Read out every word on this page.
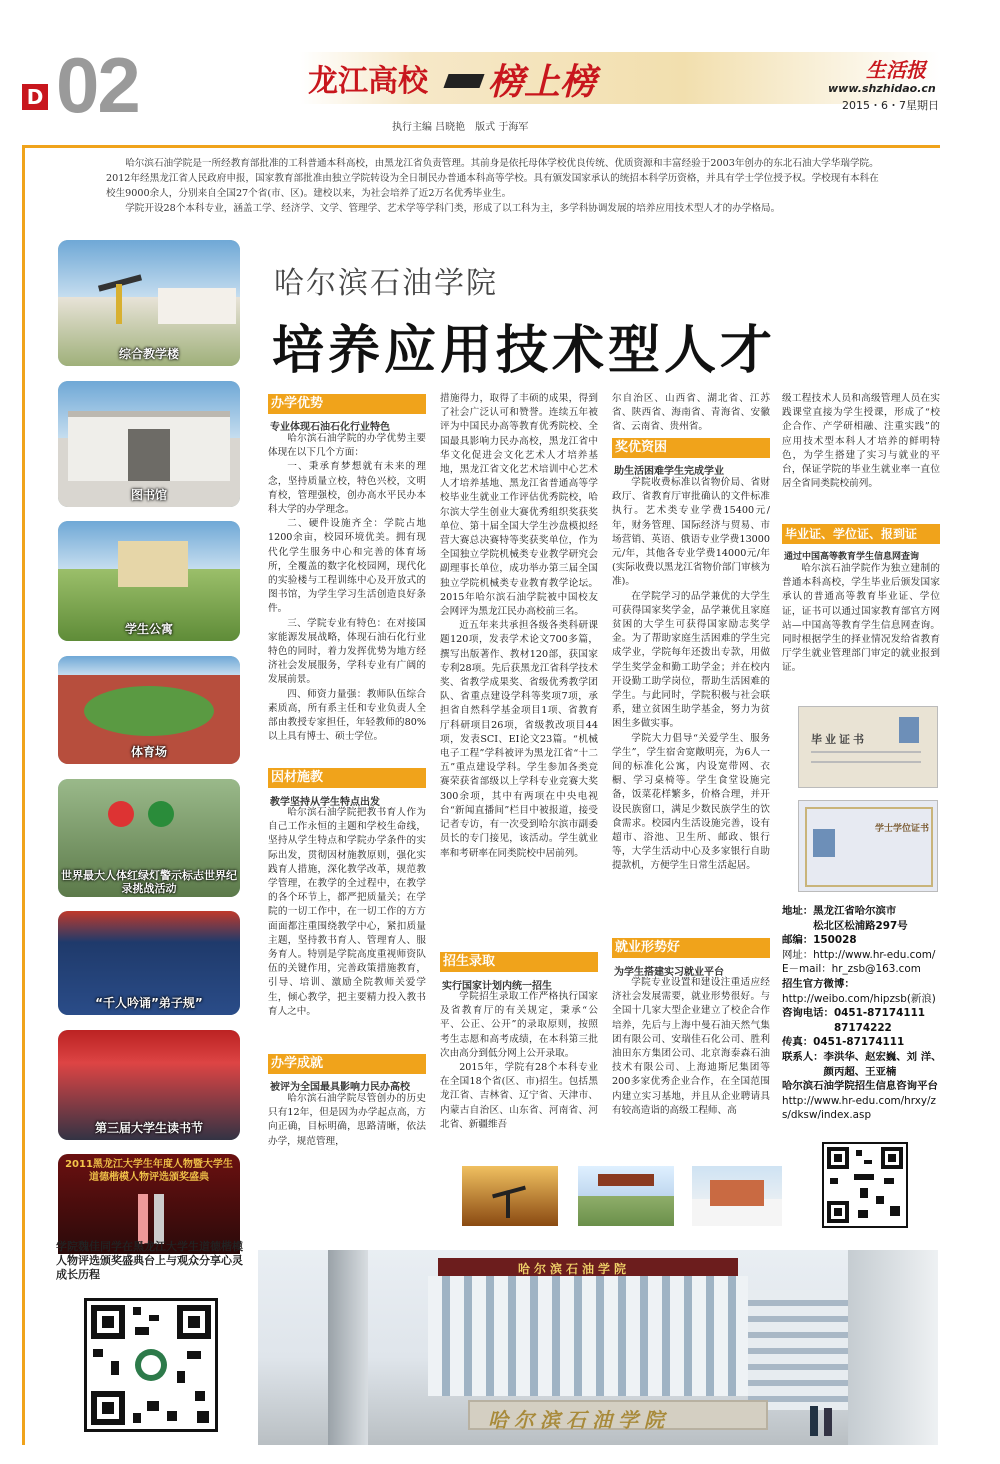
D 02	龙江高校 榜上榜	生活报
www.shzhidao.cn
2015・6・7星期日
执行主编 吕晓艳　版式 于海军

哈尔滨石油学院是一所经教育部批准的工科普通本科高校，由黑龙江省负责管理。其前身是依托母体学校优良传统、优质资源和丰富经验于2003年创办的东北石油大学华瑞学院。2012年经黑龙江省人民政府申报，国家教育部批准由独立学院转设为全日制民办普通本科高等学校。具有颁发国家承认的统招本科学历资格，并具有学士学位授予权。学校现有本科在校生9000余人，分别来自全国27个省(市、区)。建校以来，为社会培养了近2万名优秀毕业生。

学院开设28个本科专业，涵盖工学、经济学、文学、管理学、艺术学等学科门类，形成了以工科为主，多学科协调发展的培养应用技术型人才的办学格局。

综合教学楼
图书馆
学生公寓
体育场
世界最大人体红绿灯警示标志世界纪录挑战活动
“千人吟诵”弟子规”
第三届大学生读书节
2011黑龙江大学生年度人物暨大学生道德楷模人物评选颁奖盛典
学院魏佳同学在黑龙江大学生道德楷模人物评选颁奖盛典台上与观众分享心灵成长历程
哈尔滨石油学院
培养应用技术型人才
办学优势
专业体现石油石化行业特色

哈尔滨石油学院的办学优势主要体现在以下几个方面：

一、秉承育梦想就有未来的理念，坚持质量立校，特色兴校，文明育校，管理强校，创办高水平民办本科大学的办学理念。

二、硬件设施齐全：学院占地1200余亩，校园环境优美。拥有现代化学生服务中心和完善的体育场所，全覆盖的数字化校园网，现代化的实验楼与工程训练中心及开放式的图书馆，为学生学习生活创造良好条件。

三、学院专业有特色：在对接国家能源发展战略，体现石油石化行业特色的同时，着力发挥优势为地方经济社会发展服务，学科专业有广阔的发展前景。

四、师资力量强：教师队伍综合素质高，所有系主任和专业负责人全部由教授专家担任，年轻教师的80%以上具有博士、硕士学位。

因材施教
教学坚持从学生特点出发

哈尔滨石油学院把教书育人作为自己工作永恒的主题和学校生命线，坚持从学生特点和学院办学条件的实际出发，贯彻因材施教原则，强化实践育人措施，深化教学改革，规范教学管理，在教学的全过程中，在教学的各个环节上，都严把质量关；在学院的一切工作中，在一切工作的方方面面都注重围绕教学中心，紧扣质量主题，坚持教书育人、管理育人、服务育人。特别是学院高度重视师资队伍的关键作用，完善政策措施教育，引导、培训、激励全院教师关爱学生，倾心教学，把主要精力投入教书育人之中。

办学成就
被评为全国最具影响力民办高校

哈尔滨石油学院尽管创办的历史只有12年，但是因为办学起点高，方向正确，目标明确，思路清晰，依法办学，规范管理，

措施得力，取得了丰硕的成果，得到了社会广泛认可和赞誉。连续五年被评为中国民办高等教育优秀院校、全国最具影响力民办高校，黑龙江省中华文化促进会文化艺术人才培养基地，黑龙江省文化艺术培训中心艺术人才培养基地、黑龙江省普通高等学校毕业生就业工作评估优秀院校，哈尔滨大学生创业大赛优秀组织奖获奖单位、第十届全国大学生沙盘模拟经营大赛总决赛特等奖获奖单位，作为全国独立学院机械类专业教学研究会副理事长单位，成功举办第三届全国独立学院机械类专业教育教学论坛。2015年哈尔滨石油学院被中国校友会网评为黑龙江民办高校前三名。

近五年来共承担各级各类科研课题120项，发表学术论文700多篇，撰写出版著作、教材120部，获国家专利28项。先后获黑龙江省科学技术奖、省教学成果奖、省级优秀教学团队、省重点建设学科等奖项7项，承担省自然科学基金项目1项、省教育厅科研项目26项，省级教改项目44项，发表SCI、EI论文23篇。“机械电子工程”学科被评为黑龙江省“十二五”重点建设学科。学生参加各类竞赛荣获省部级以上学科专业竞赛大奖300余项，其中有两项在中央电视台“新闻直播间”栏目中被报道，接受记者专访，有一次受到哈尔滨市副委员长的专门接见，该活动。学生就业率和考研率在同类院校中居前列。

招生录取
实行国家计划内统一招生

学院招生录取工作严格执行国家及省教育厅的有关规定，秉承“公平、公正、公开”的录取原则，按照考生志愿和高考成绩，在本科第三批次由高分到低分网上公开录取。

2015年，学院有28个本科专业在全国18个省(区、市)招生。包括黑龙江省、吉林省、辽宁省、天津市、内蒙古自治区、山东省、河南省、河北省、新疆维吾

尔自治区、山西省、湖北省、江苏省、陕西省、海南省、青海省、安徽省、云南省、贵州省。

奖优资困
助生活困难学生完成学业

学院收费标准以省物价局、省财政厅、省教育厅审批确认的文件标准执行。艺术类专业学费15400元/年，财务管理、国际经济与贸易、市场营销、英语、俄语专业学费13000元/年，其他各专业学费14000元/年(实际收费以黑龙江省物价部门审核为准)。

在学院学习的品学兼优的大学生可获得国家奖学金，品学兼优且家庭贫困的大学生可获得国家励志奖学金。为了帮助家庭生活困难的学生完成学业，学院每年还拨出专款，用做学生奖学金和勤工助学金；并在校内开设勤工助学岗位，帮助生活困难的学生。与此同时，学院积极与社会联系，建立贫困生助学基金，努力为贫困生多做实事。

学院大力倡导“关爱学生、服务学生”，学生宿舍宽敞明亮，为6人一间的标准化公寓，内设宽带网、衣橱、学习桌椅等。学生食堂设施完备，饭菜花样繁多，价格合理，并开设民族窗口，满足少数民族学生的饮食需求。校园内生活设施完善，设有超市、浴池、卫生所、邮政、银行等，大学生活动中心及多家银行自助提款机，方便学生日常生活起居。

就业形势好
为学生搭建实习就业平台

学院专业设置和建设注重适应经济社会发展需要，就业形势很好。与全国十几家大型企业建立了校企合作培养，先后与上海中曼石油天然气集团有限公司、安瑞佳石化公司、胜利油田东方集团公司、北京海泰森石油技术有限公司、上海迪斯尼集团等200多家优秀企业合作，在全国范围内建立实习基地，并且从企业聘请具有较高造诣的高级工程师、高

级工程技术人员和高级管理人员在实践课堂直接为学生授课，形成了“校企合作、产学研相融、注重实践”的应用技术型本科人才培养的鲜明特色，为学生搭建了实习与就业的平台，保证学院的毕业生就业率一直位居全省同类院校前列。

毕业证、学位证、报到证
通过中国高等教育学生信息网查询

哈尔滨石油学院作为独立建制的普通本科高校，学生毕业后颁发国家承认的普通高等教育毕业证、学位证，证书可以通过国家教育部官方网站—中国高等教育学生信息网查询。同时根据学生的择业情况发给省教育厅学生就业管理部门审定的就业报到证。

毕业证书
学士学位证书
地址：黑龙江省哈尔滨市
　　　松北区松浦路297号
邮编：150028
网址：http://www.hr-edu.com/
E－mail：hr_zsb@163.com
招生官方微博：
http://weibo.com/hipzsb(新浪)
咨询电话：0451-87174111
　　　　　87174222
传真：0451-87174111
联系人：李洪华、赵宏巍、刘 洋、
　　　　颜丙超、王亚楠
哈尔滨石油学院招生信息咨询平台
http://www.hr-edu.com/hrxy/zs/dksw/index.asp
哈尔滨石油学院
哈尔滨石油学院
